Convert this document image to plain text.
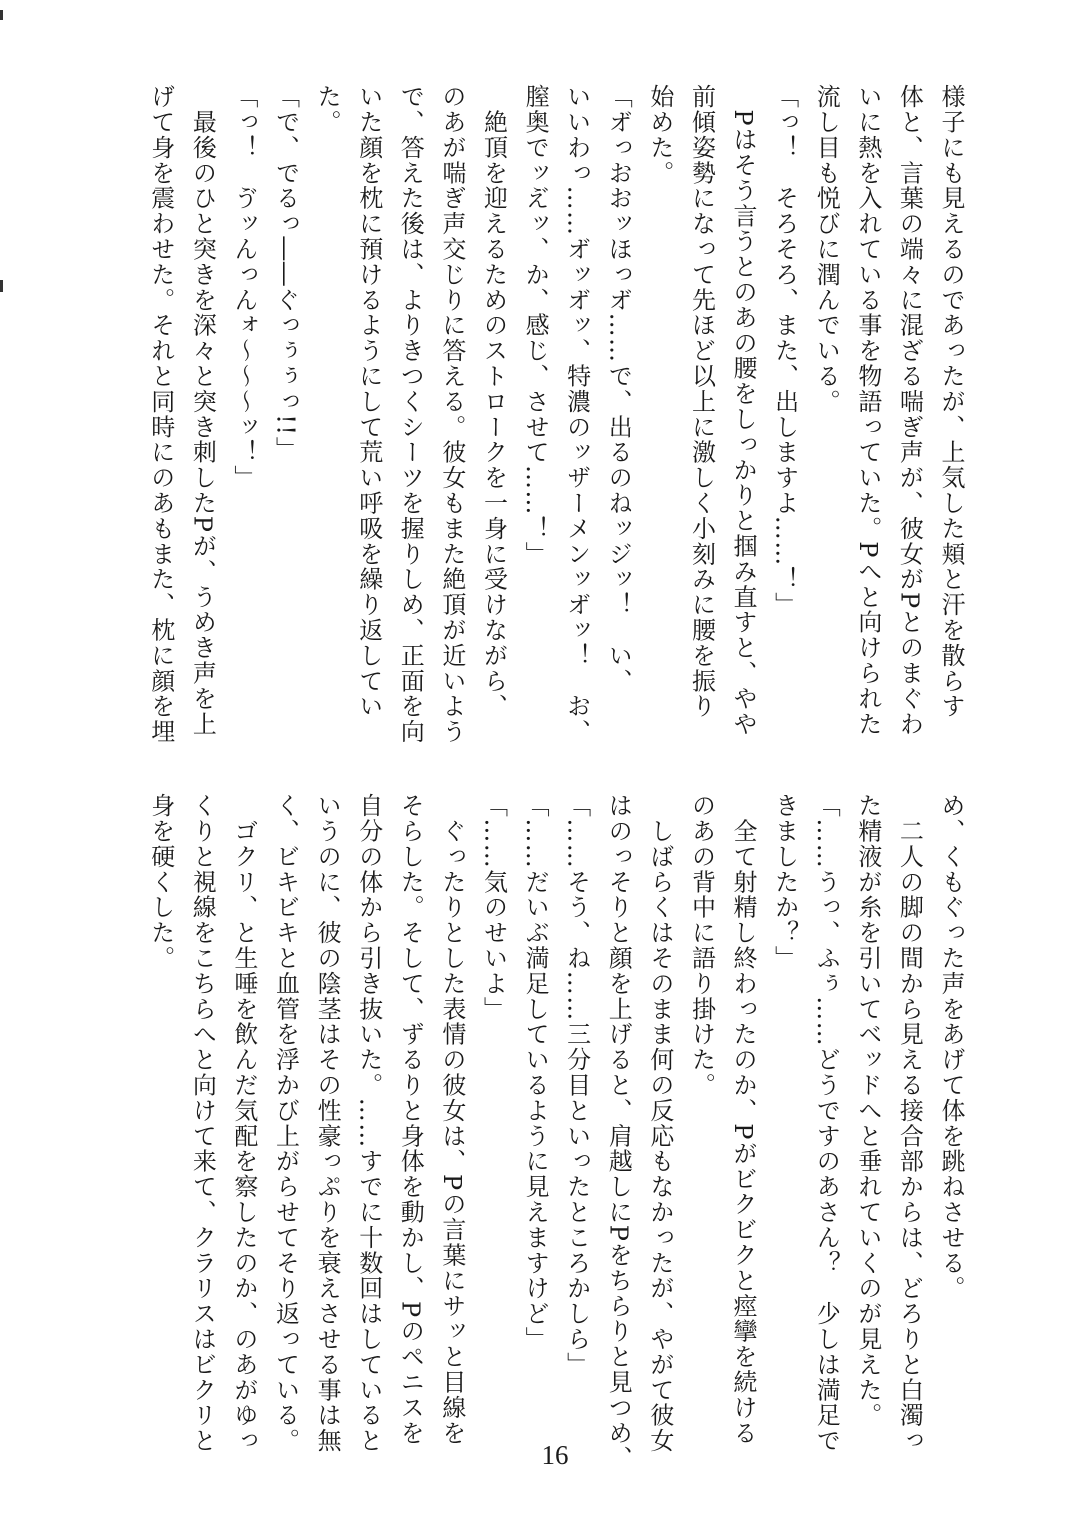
様子にも見えるのであったが、上気した頬と汗を散らす
体と、言葉の端々に混ざる喘ぎ声が、彼女がPとのまぐわ
いに熱を入れている事を物語っていた。Pへと向けられた
流し目も悦びに潤んでいる。
「っ！　そろそろ、また、出しますよ……！」
　Pはそう言うとのあの腰をしっかりと掴み直すと、やや
前傾姿勢になって先ほど以上に激しく小刻みに腰を振り
始めた。
「オ゙っおおッほっオ゙……で、出るのねッジッ！　い、
いいわっ……オ゙ッオ゙ッ、特濃のッザーメンッオ゙ッ！　お、
膣奥でッえ゙ッ、か、感じ、させて……！」
　絶頂を迎えるためのストロークを一身に受けながら、
のあが喘ぎ声交じりに答える。彼女もまた絶頂が近いよう
で、答えた後は、よりきつくシーツを握りしめ、正面を向
いた顔を枕に預けるようにして荒い呼吸を繰り返してい
た。
「で、でるっ――ぐっぅぅっ!!」
「っ！　ゔッんっんォ～～～ッ！」
　最後のひと突きを深々と突き刺したPが、うめき声を上
げて身を震わせた。それと同時にのあもまた、枕に顔を埋
め、くもぐった声をあげて体を跳ねさせる。
　二人の脚の間から見える接合部からは、どろりと白濁っ
た精液が糸を引いてベッドへと垂れていくのが見えた。
「……うっ、ふぅ……どうですのあさん？　少しは満足で
きましたか？」
　全て射精し終わったのか、Pがビクビクと痙攣を続ける
のあの背中に語り掛けた。
　しばらくはそのまま何の反応もなかったが、やがて彼女
はのっそりと顔を上げると、肩越しにPをちらりと見つめ、
「……そう、ね……三分目といったところかしら」
「……だいぶ満足しているように見えますけど」
「……気のせいよ」
　ぐったりとした表情の彼女は、Pの言葉にサッと目線を
そらした。そして、ずるりと身体を動かし、Pのペニスを
自分の体から引き抜いた。……すでに十数回はしていると
いうのに、彼の陰茎はその性豪っぷりを衰えさせる事は無
く、ビキビキと血管を浮かび上がらせてそり返っている。
　ゴクリ、と生唾を飲んだ気配を察したのか、のあがゆっ
くりと視線をこちらへと向けて来て、クラリスはビクリと
身を硬くした。
16
